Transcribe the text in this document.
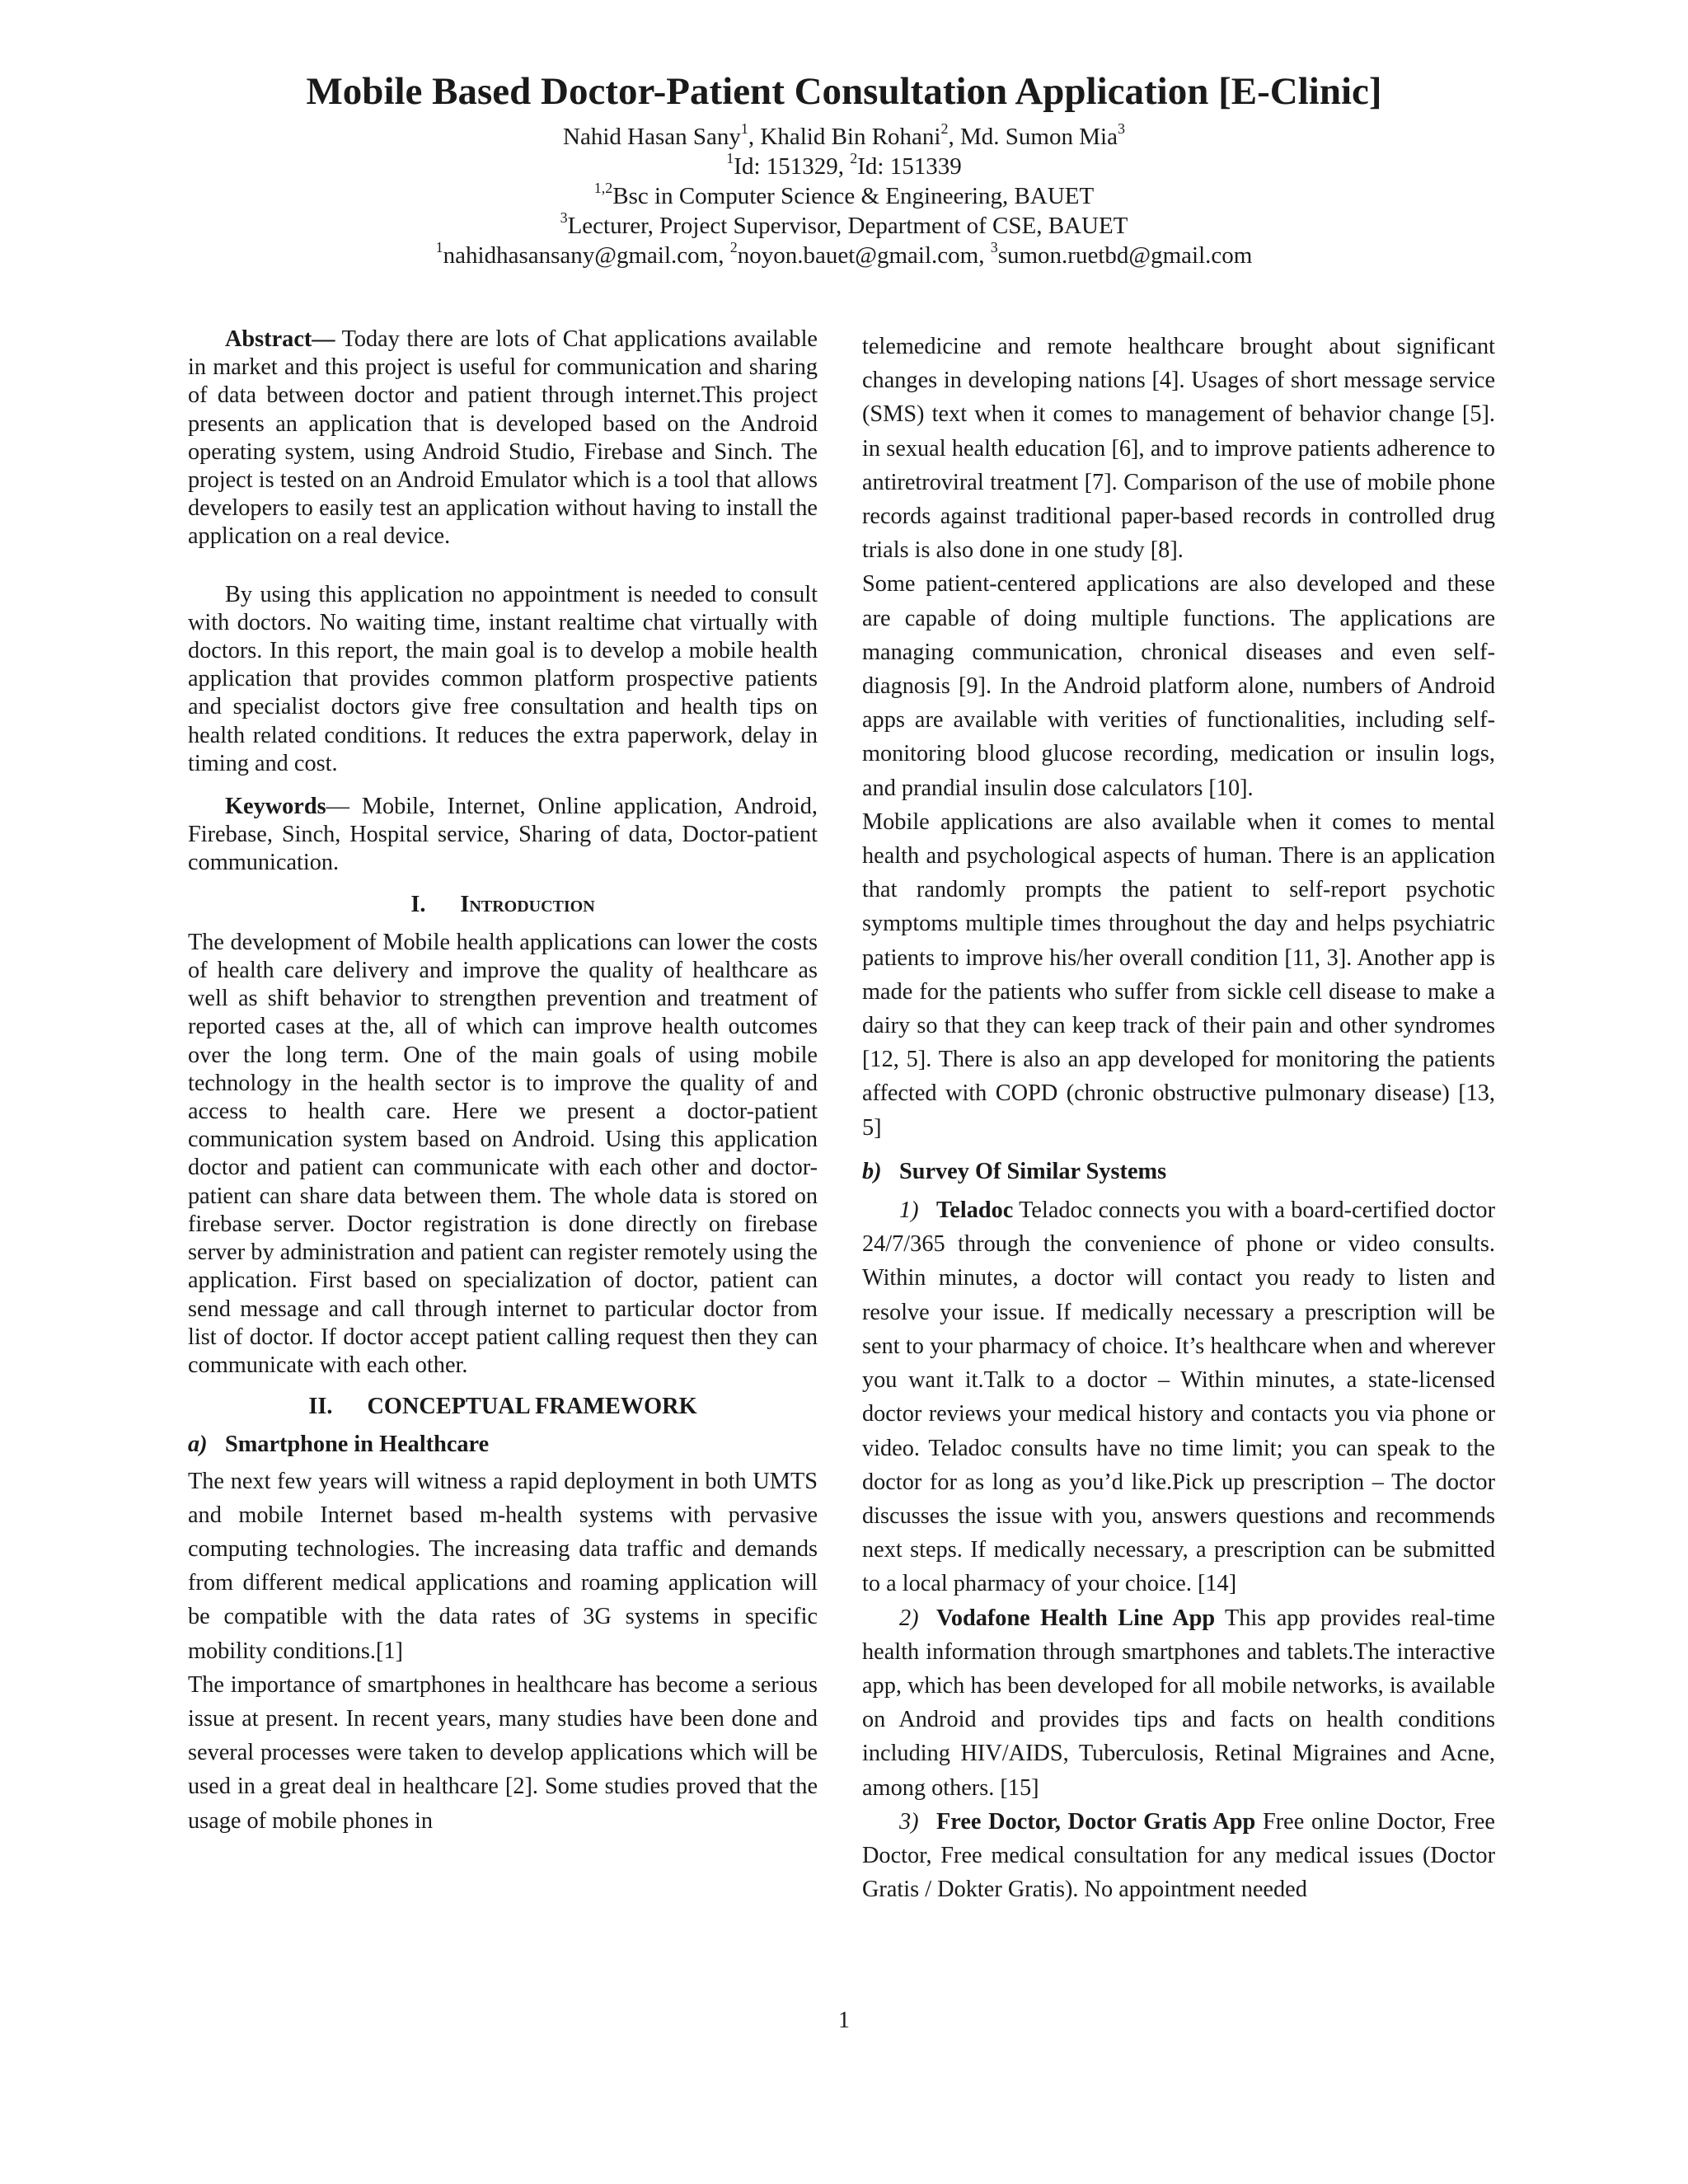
Mobile Based Doctor-Patient Consultation Application [E-Clinic]

Nahid Hasan Sany$^1$, Khalid Bin Rohani$^2$, Md. Sumon Mia$^3$

$^1$Id: 151329, $^2$Id: 151339

$^{1,2}$Bsc in Computer Science & Engineering, BAUET

$^3$Lecturer, Project Supervisor, Department of CSE, BAUET

$^1$nahidhasansany@gmail.com, $^2$noyon.bauet@gmail.com, $^3$sumon.ruetbd@gmail.com

Abstract— Today there are lots of Chat applications available in market and this project is useful for communication and sharing of data between doctor and patient through internet.This project presents an application that is developed based on the Android operating system, using Android Studio, Firebase and Sinch. The project is tested on an Android Emulator which is a tool that allows developers to easily test an application without having to install the application on a real device.

By using this application no appointment is needed to consult with doctors. No waiting time, instant realtime chat virtually with doctors. In this report, the main goal is to develop a mobile health application that provides common platform prospective patients and specialist doctors give free consultation and health tips on health related conditions. It reduces the extra paperwork, delay in timing and cost.

Keywords— Mobile, Internet, Online application, Android, Firebase, Sinch, Hospital service, Sharing of data, Doctor-patient communication.

I. Introduction

The development of Mobile health applications can lower the costs of health care delivery and improve the quality of healthcare as well as shift behavior to strengthen prevention and treatment of reported cases at the, all of which can improve health outcomes over the long term. One of the main goals of using mobile technology in the health sector is to improve the quality of and access to health care. Here we present a doctor-patient communication system based on Android. Using this application doctor and patient can communicate with each other and doctor-patient can share data between them. The whole data is stored on firebase server. Doctor registration is done directly on firebase server by administration and patient can register remotely using the application. First based on specialization of doctor, patient can send message and call through internet to particular doctor from list of doctor. If doctor accept patient calling request then they can communicate with each other.

II. CONCEPTUAL FRAMEWORK
a) Smartphone in Healthcare

The next few years will witness a rapid deployment in both UMTS and mobile Internet based m-health systems with pervasive computing technologies. The increasing data traffic and demands from different medical applications and roaming application will be compatible with the data rates of 3G systems in specific mobility conditions.[1]

The importance of smartphones in healthcare has become a serious issue at present. In recent years, many studies have been done and several processes were taken to develop applications which will be used in a great deal in healthcare [2]. Some studies proved that the usage of mobile phones in

telemedicine and remote healthcare brought about significant changes in developing nations [4]. Usages of short message service (SMS) text when it comes to management of behavior change [5]. in sexual health education [6], and to improve patients adherence to antiretroviral treatment [7]. Comparison of the use of mobile phone records against traditional paper-based records in controlled drug trials is also done in one study [8].

Some patient-centered applications are also developed and these are capable of doing multiple functions. The applications are managing communication, chronical diseases and even self-diagnosis [9]. In the Android platform alone, numbers of Android apps are available with verities of functionalities, including self-monitoring blood glucose recording, medication or insulin logs, and prandial insulin dose calculators [10].

Mobile applications are also available when it comes to mental health and psychological aspects of human. There is an application that randomly prompts the patient to self-report psychotic symptoms multiple times throughout the day and helps psychiatric patients to improve his/her overall condition [11, 3]. Another app is made for the patients who suffer from sickle cell disease to make a dairy so that they can keep track of their pain and other syndromes [12, 5]. There is also an app developed for monitoring the patients affected with COPD (chronic obstructive pulmonary disease) [13, 5]

b) Survey Of Similar Systems

1) Teladoc Teladoc connects you with a board-certified doctor 24/7/365 through the convenience of phone or video consults. Within minutes, a doctor will contact you ready to listen and resolve your issue. If medically necessary a prescription will be sent to your pharmacy of choice. It’s healthcare when and wherever you want it.Talk to a doctor – Within minutes, a state-licensed doctor reviews your medical history and contacts you via phone or video. Teladoc consults have no time limit; you can speak to the doctor for as long as you’d like.Pick up prescription – The doctor discusses the issue with you, answers questions and recommends next steps. If medically necessary, a prescription can be submitted to a local pharmacy of your choice. [14]

2) Vodafone Health Line App This app provides real-time health information through smartphones and tablets.The interactive app, which has been developed for all mobile networks, is available on Android and provides tips and facts on health conditions including HIV/AIDS, Tuberculosis, Retinal Migraines and Acne, among others. [15]

3) Free Doctor, Doctor Gratis App Free online Doctor, Free Doctor, Free medical consultation for any medical issues (Doctor Gratis / Dokter Gratis). No appointment needed

1
